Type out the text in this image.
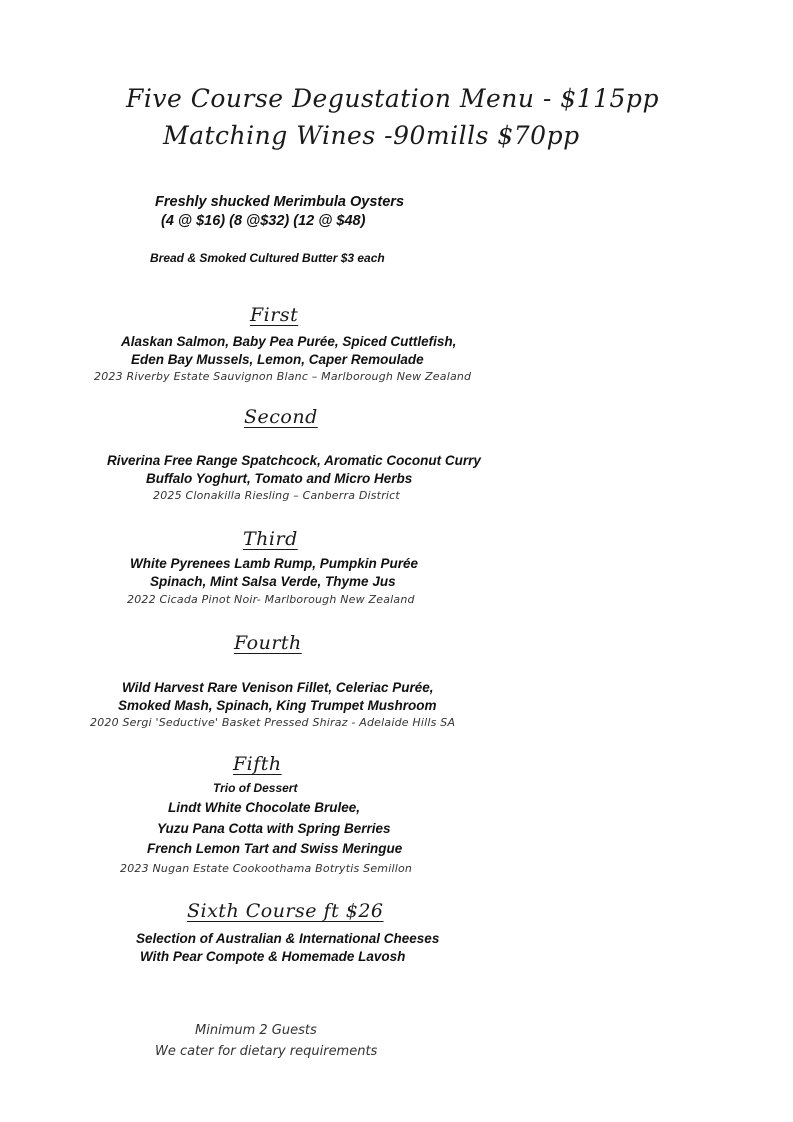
Five Course Degustation Menu - $115pp
Matching Wines -90mills $70pp
Freshly shucked Merimbula Oysters
(4 @ $16) (8 @$32) (12 @ $48)
Bread & Smoked Cultured Butter $3 each
First
Alaskan Salmon, Baby Pea Purée, Spiced Cuttlefish,
Eden Bay Mussels, Lemon, Caper Remoulade
2023 Riverby Estate Sauvignon Blanc – Marlborough New Zealand
Second
Riverina Free Range Spatchcock, Aromatic Coconut Curry
Buffalo Yoghurt, Tomato and Micro Herbs
2025 Clonakilla Riesling – Canberra District
Third
White Pyrenees Lamb Rump, Pumpkin Purée
Spinach, Mint Salsa Verde, Thyme Jus
2022 Cicada Pinot Noir- Marlborough New Zealand
Fourth
Wild Harvest Rare Venison Fillet, Celeriac Purée,
Smoked Mash, Spinach, King Trumpet Mushroom
2020 Sergi 'Seductive' Basket Pressed Shiraz - Adelaide Hills SA
Fifth
Trio of Dessert
Lindt White Chocolate Brulee,
Yuzu Pana Cotta with Spring Berries
French Lemon Tart and Swiss Meringue
2023 Nugan Estate Cookoothama Botrytis Semillon
Sixth Course ft $26
Selection of Australian & International Cheeses
With Pear Compote & Homemade Lavosh
Minimum 2 Guests
We cater for dietary requirements
